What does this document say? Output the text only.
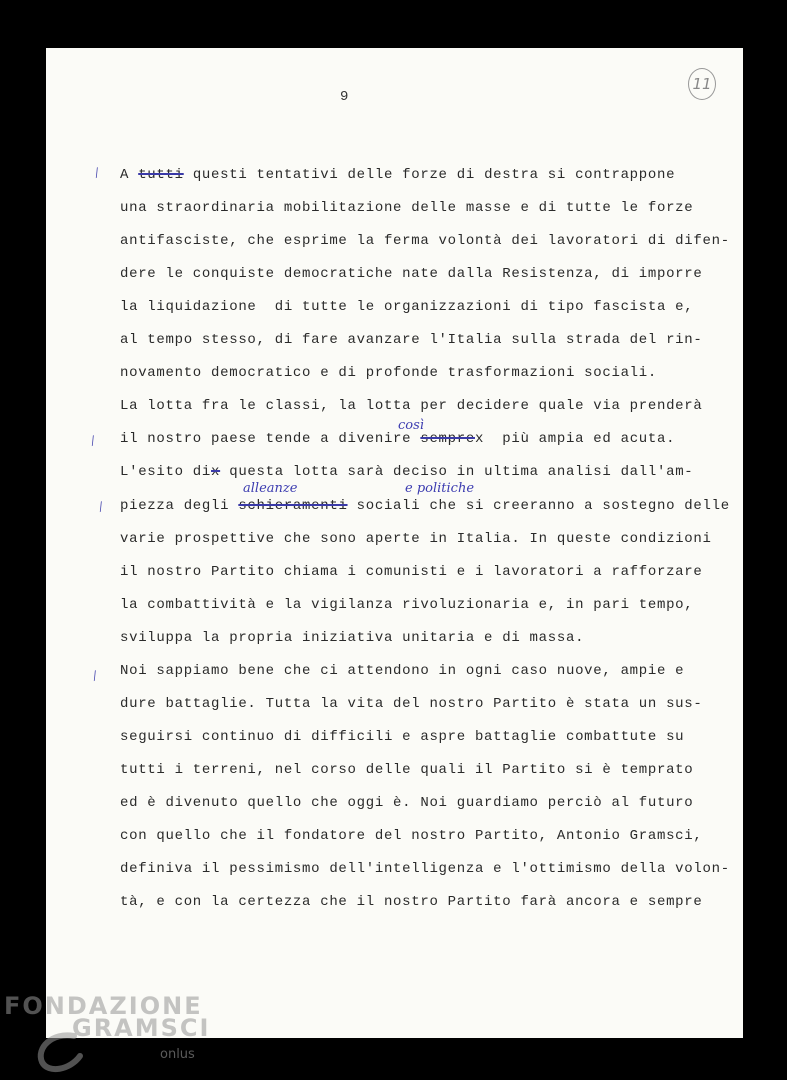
9
11
A tutti questi tentativi delle forze di destra si contrappone
una straordinaria mobilitazione delle masse e di tutte le forze
antifasciste, che esprime la ferma volontà dei lavoratori di difen-
dere le conquiste democratiche nate dalla Resistenza, di imporre
la liquidazione  di tutte le organizzazioni di tipo fascista e,
al tempo stesso, di fare avanzare l'Italia sulla strada del rin-
novamento democratico e di profonde trasformazioni sociali.
La lotta fra le classi, la lotta per decidere quale via prenderà
il nostro paese tende a divenire semprex  più ampia ed acuta.
L'esito dix questa lotta sarà deciso in ultima analisi dall'am-
piezza degli schieramenti sociali che si creeranno a sostegno delle
varie prospettive che sono aperte in Italia. In queste condizioni
il nostro Partito chiama i comunisti e i lavoratori a rafforzare
la combattività e la vigilanza rivoluzionaria e, in pari tempo,
sviluppa la propria iniziativa unitaria e di massa.
Noi sappiamo bene che ci attendono in ogni caso nuove, ampie e
dure battaglie. Tutta la vita del nostro Partito è stata un sus-
seguirsi continuo di difficili e aspre battaglie combattute su
tutti i terreni, nel corso delle quali il Partito si è temprato
ed è divenuto quello che oggi è. Noi guardiamo perciò al futuro
con quello che il fondatore del nostro Partito, Antonio Gramsci,
definiva il pessimismo dell'intelligenza e l'ottimismo della volon-
tà, e con la certezza che il nostro Partito farà ancora e sempre
⁄
⁄
⁄
⁄
così
alleanze	e politiche
FONDAZIONE
GRAMSCI
onlus
